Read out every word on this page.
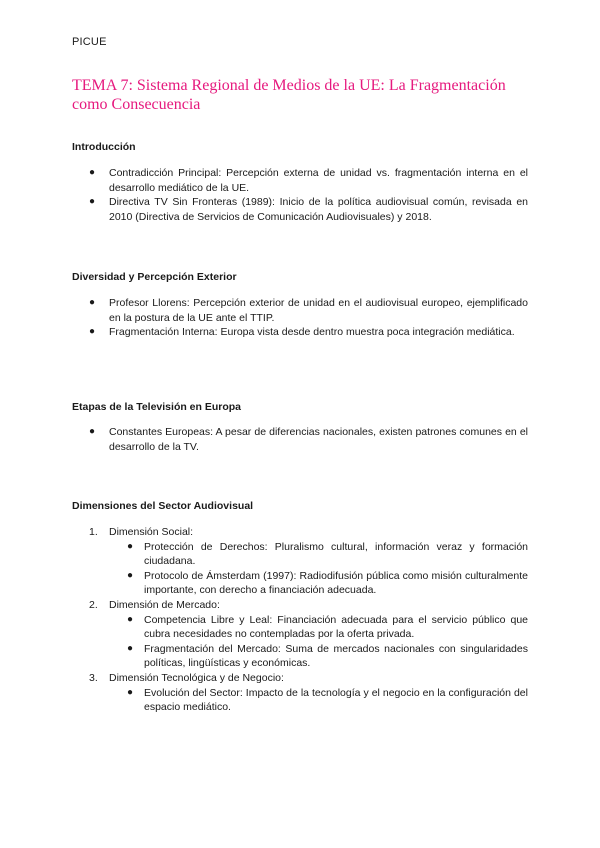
PICUE
TEMA 7: Sistema Regional de Medios de la UE: La Fragmentación como Consecuencia
Introducción
● Contradicción Principal: Percepción externa de unidad vs. fragmentación interna en el desarrollo mediático de la UE.
● Directiva TV Sin Fronteras (1989): Inicio de la política audiovisual común, revisada en 2010 (Directiva de Servicios de Comunicación Audiovisuales) y 2018.
Diversidad y Percepción Exterior
● Profesor Llorens: Percepción exterior de unidad en el audiovisual europeo, ejemplificado en la postura de la UE ante el TTIP.
● Fragmentación Interna: Europa vista desde dentro muestra poca integración mediática.
Etapas de la Televisión en Europa
● Constantes Europeas: A pesar de diferencias nacionales, existen patrones comunes en el desarrollo de la TV.
Dimensiones del Sector Audiovisual
1. Dimensión Social:
● Protección de Derechos: Pluralismo cultural, información veraz y formación ciudadana.
● Protocolo de Ámsterdam (1997): Radiodifusión pública como misión culturalmente importante, con derecho a financiación adecuada.
2. Dimensión de Mercado:
● Competencia Libre y Leal: Financiación adecuada para el servicio público que cubra necesidades no contempladas por la oferta privada.
● Fragmentación del Mercado: Suma de mercados nacionales con singularidades políticas, lingüísticas y económicas.
3. Dimensión Tecnológica y de Negocio:
● Evolución del Sector: Impacto de la tecnología y el negocio en la configuración del espacio mediático.
